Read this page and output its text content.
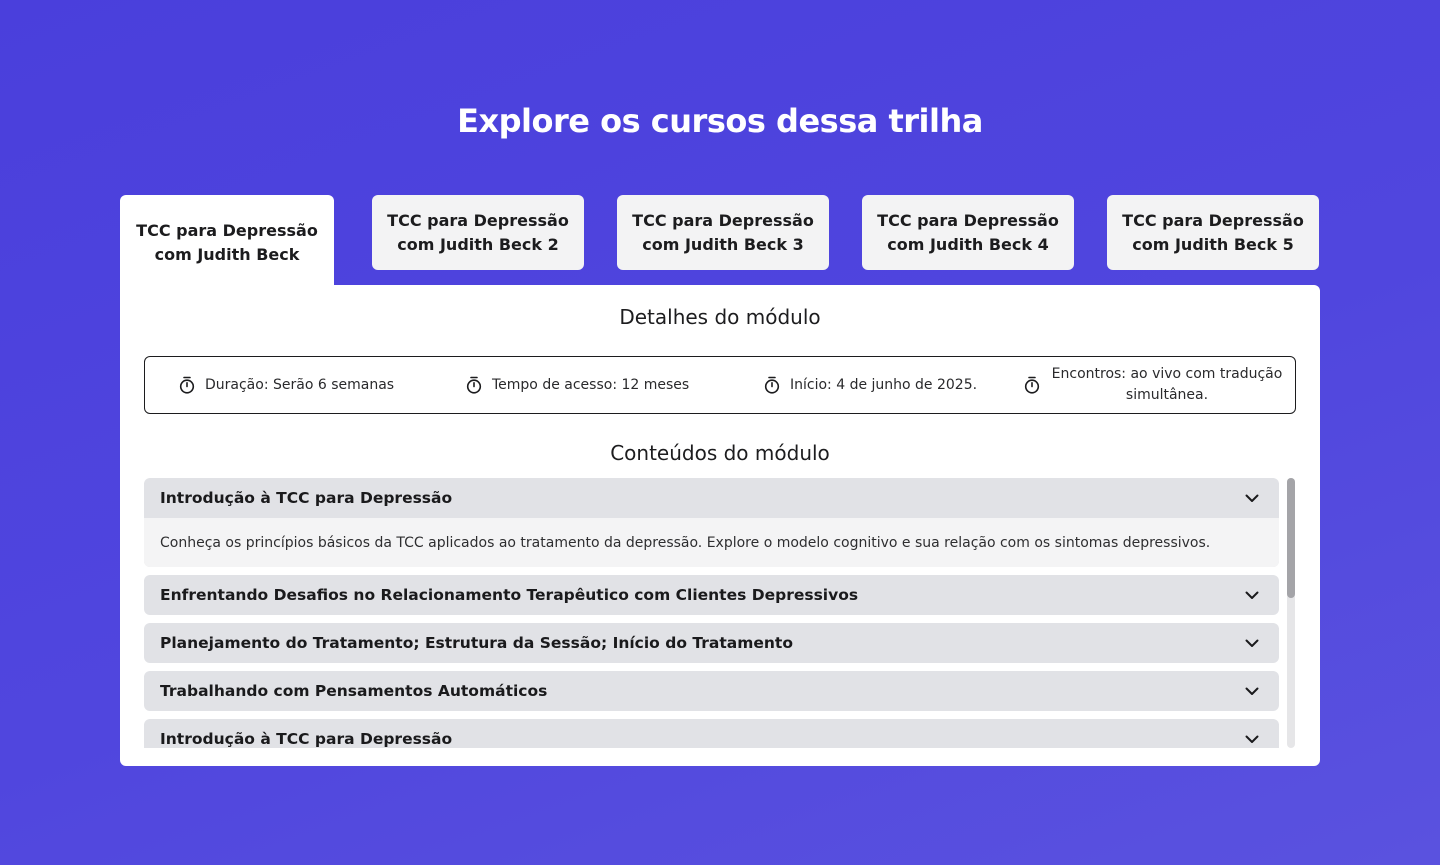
Explore os cursos dessa trilha
TCC para Depressão
com Judith Beck
TCC para Depressão
com Judith Beck 2
TCC para Depressão
com Judith Beck 3
TCC para Depressão
com Judith Beck 4
TCC para Depressão
com Judith Beck 5
Detalhes do módulo
Duração: Serão 6 semanas	Tempo de acesso: 12 meses	Início: 4 de junho de 2025.
Encontros: ao vivo com tradução
simultânea.
Conteúdos do módulo
Introdução à TCC para Depressão
Conheça os princípios básicos da TCC aplicados ao tratamento da depressão. Explore o modelo cognitivo e sua relação com os sintomas depressivos.
Enfrentando Desafios no Relacionamento Terapêutico com Clientes Depressivos
Planejamento do Tratamento; Estrutura da Sessão; Início do Tratamento
Trabalhando com Pensamentos Automáticos
Introdução à TCC para Depressão
